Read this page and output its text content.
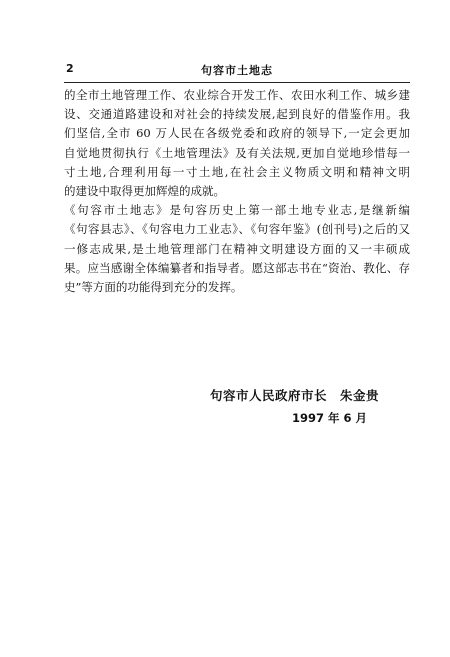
2	句容市土地志
的全市土地管理工作、农业综合开发工作、农田水利工作、城乡建
设、交通道路建设和对社会的持续发展,起到良好的借鉴作用。我
们坚信,全市 60 万人民在各级党委和政府的领导下,一定会更加
自觉地贯彻执行《土地管理法》及有关法规,更加自觉地珍惜每一
寸土地,合理利用每一寸土地,在社会主义物质文明和精神文明
的建设中取得更加辉煌的成就。
《句容市土地志》是句容历史上第一部土地专业志,是继新编
《句容县志》、《句容电力工业志》、《句容年鉴》(创刊号)之后的又
一修志成果,是土地管理部门在精神文明建设方面的又一丰硕成
果。应当感谢全体编纂者和指导者。愿这部志书在“资治、教化、存
史”等方面的功能得到充分的发挥。
句容市人民政府市长　朱金贵
1997 年 6 月
